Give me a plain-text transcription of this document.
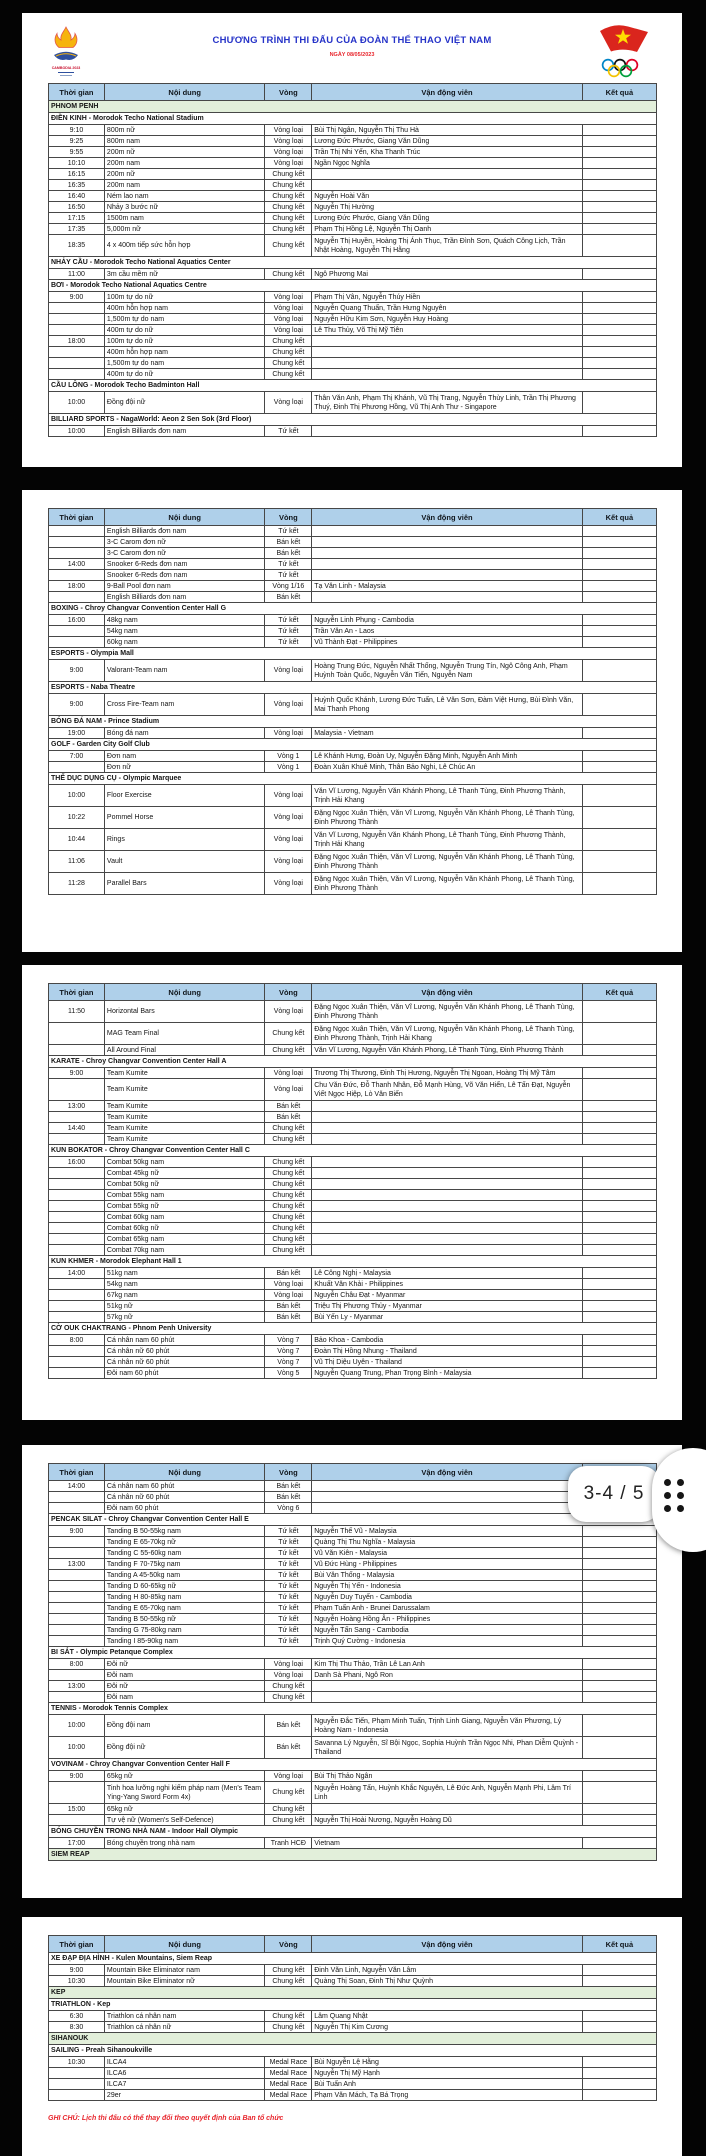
CAMBODIA 2023
CHƯƠNG TRÌNH THI ĐẤU CỦA ĐOÀN THỂ THAO VIỆT NAM
NGÀY 08/05/2023
Thời gian	Nội dung	Vòng	Vận động viên	Kết quả
PHNOM PENH				
ĐIỀN KINH - Morodok Techo National Stadium				
9:10	800m nữ	Vòng loại	Bùi Thị Ngân, Nguyễn Thị Thu Hà	
9:25	800m nam	Vòng loại	Lương Đức Phước, Giang Văn Dũng	
9:55	200m nữ	Vòng loại	Trần Thị Nhi Yến, Kha Thanh Trúc	
10:10	200m nam	Vòng loại	Ngần Ngọc Nghĩa	
16:15	200m nữ	Chung kết		
16:35	200m nam	Chung kết		
16:40	Ném lao nam	Chung kết	Nguyễn Hoài Văn	
16:50	Nhảy 3 bước nữ	Chung kết	Nguyễn Thị Hường	
17:15	1500m nam	Chung kết	Lương Đức Phước, Giang Văn Dũng	
17:35	5,000m nữ	Chung kết	Phạm Thị Hồng Lệ, Nguyễn Thị Oanh	
18:35	4 x 400m tiếp sức hỗn hợp	Chung kết	Nguyễn Thị Huyền, Hoàng Thị Ánh Thục, Trần Đình Sơn, Quách Công Lịch, Trần Nhật Hoàng, Nguyễn Thị Hằng	
NHẢY CẦU - Morodok Techo National Aquatics Center				
11:00	3m cầu mềm nữ	Chung kết	Ngô Phương Mai	
BƠI - Morodok Techo National Aquatics Centre				
9:00	100m tự do nữ	Vòng loại	Phạm Thị Vân, Nguyễn Thúy Hiền	
	400m hỗn hợp nam	Vòng loại	Nguyễn Quang Thuấn, Trần Hưng Nguyên	
	1,500m tự do nam	Vòng loại	Nguyễn Hữu Kim Sơn, Nguyễn Huy Hoàng	
	400m tự do nữ	Vòng loại	Lê Thu Thủy, Võ Thị Mỹ Tiên	
18:00	100m tự do nữ	Chung kết		
	400m hỗn hợp nam	Chung kết		
	1,500m tự do nam	Chung kết		
	400m tự do nữ	Chung kết		
CẦU LÔNG - Morodok Techo Badminton Hall				
10:00	Đồng đội nữ	Vòng loại	Thân Văn Anh, Phạm Thị Khánh, Vũ Thị Trang, Nguyễn Thùy Linh, Trần Thị Phương Thuý, Đinh Thị Phương Hồng, Vũ Thị Anh Thư - Singapore	
BILLIARD SPORTS - NagaWorld: Aeon 2 Sen Sok (3rd Floor)				
10:00	English Billiards đơn nam	Tứ kết		
Thời gian	Nội dung	Vòng	Vận động viên	Kết quả
	English Billiards đơn nam	Tứ kết		
	3-C Carom đơn nữ	Bán kết		
	3-C Carom đơn nữ	Bán kết		
14:00	Snooker 6-Reds đơn nam	Tứ kết		
	Snooker 6-Reds đơn nam	Tứ kết		
18:00	9-Ball Pool đơn nam	Vòng 1/16	Tạ Văn Linh - Malaysia	
	English Billiards đơn nam	Bán kết		
BOXING - Chroy Changvar Convention Center Hall G				
16:00	48kg nam	Tứ kết	Nguyễn Linh Phụng - Cambodia	
	54kg nam	Tứ kết	Trần Văn An - Laos	
	60kg nam	Tứ kết	Vũ Thành Đạt - Philippines	
ESPORTS - Olympia Mall				
9:00	Valorant-Team nam	Vòng loại	Hoàng Trung Đức, Nguyễn Nhất Thống, Nguyễn Trung Tín, Ngô Công Anh, Phạm Huỳnh Toàn Quốc, Nguyễn Văn Tiến, Nguyễn Nam	
ESPORTS - Naba Theatre				
9:00	Cross Fire-Team nam	Vòng loại	Huỳnh Quốc Khánh, Lương Đức Tuấn, Lê Văn Sơn, Đàm Việt Hưng, Bùi Đình Văn, Mai Thanh Phong	
BÓNG ĐÁ NAM - Prince Stadium				
19:00	Bóng đá nam	Vòng loại	Malaysia - Vietnam	
GOLF - Garden City Golf Club				
7:00	Đơn nam	Vòng 1	Lê Khánh Hưng, Đoàn Uy, Nguyễn Đặng Minh, Nguyễn Anh Minh	
	Đơn nữ	Vòng 1	Đoàn Xuân Khuê Minh, Thân Bảo Nghi, Lê Chúc An	
THỂ DỤC DỤNG CỤ - Olympic Marquee				
10:00	Floor Exercise	Vòng loại	Văn Vĩ Lương, Nguyễn Văn Khánh Phong, Lê Thanh Tùng, Đinh Phương Thành, Trịnh Hải Khang	
10:22	Pommel Horse	Vòng loại	Đặng Ngọc Xuân Thiện, Văn Vĩ Lương, Nguyễn Văn Khánh Phong, Lê Thanh Tùng, Đinh Phương Thành	
10:44	Rings	Vòng loại	Văn Vĩ Lương, Nguyễn Văn Khánh Phong, Lê Thanh Tùng, Đinh Phương Thành, Trịnh Hải Khang	
11:06	Vault	Vòng loại	Đặng Ngọc Xuân Thiện, Văn Vĩ Lương, Nguyễn Văn Khánh Phong, Lê Thanh Tùng, Đinh Phương Thành	
11:28	Parallel Bars	Vòng loại	Đặng Ngọc Xuân Thiện, Văn Vĩ Lương, Nguyễn Văn Khánh Phong, Lê Thanh Tùng, Đinh Phương Thành	
Thời gian	Nội dung	Vòng	Vận động viên	Kết quả
11:50	Horizontal Bars	Vòng loại	Đặng Ngọc Xuân Thiện, Văn Vĩ Lương, Nguyễn Văn Khánh Phong, Lê Thanh Tùng, Đinh Phương Thành	
	MAG Team Final	Chung kết	Đặng Ngọc Xuân Thiện, Văn Vĩ Lương, Nguyễn Văn Khánh Phong, Lê Thanh Tùng, Đinh Phương Thành, Trịnh Hải Khang	
	All Around Final	Chung kết	Văn Vĩ Lương, Nguyễn Văn Khánh Phong, Lê Thanh Tùng, Đinh Phương Thành	
KARATE - Chroy Changvar Convention Center Hall A				
9:00	Team Kumite	Vòng loại	Trương Thị Thương, Đinh Thị Hương, Nguyễn Thị Ngoan, Hoàng Thị Mỹ Tâm	
	Team Kumite	Vòng loại	Chu Văn Đức, Đỗ Thanh Nhân, Đỗ Mạnh Hùng, Võ Văn Hiển, Lê Tấn Đạt, Nguyễn Viết Ngọc Hiệp, Lò Văn Biến	
13:00	Team Kumite	Bán kết		
	Team Kumite	Bán kết		
14:40	Team Kumite	Chung kết		
	Team Kumite	Chung kết		
KUN BOKATOR - Chroy Changvar Convention Center Hall C				
16:00	Combat 50kg nam	Chung kết		
	Combat 45kg nữ	Chung kết		
	Combat 50kg nữ	Chung kết		
	Combat 55kg nam	Chung kết		
	Combat 55kg nữ	Chung kết		
	Combat 60kg nam	Chung kết		
	Combat 60kg nữ	Chung kết		
	Combat 65kg nam	Chung kết		
	Combat 70kg nam	Chung kết		
KUN KHMER - Morodok Elephant Hall 1				
14:00	51kg nam	Bán kết	Lê Công Nghị - Malaysia	
	54kg nam	Vòng loại	Khuất Văn Khải - Philippines	
	67kg nam	Vòng loại	Nguyễn Châu Đạt - Myanmar	
	51kg nữ	Bán kết	Triệu Thị Phương Thủy - Myanmar	
	57kg nữ	Bán kết	Bùi Yến Ly - Myanmar	
CỜ OUK CHAKTRANG - Phnom Penh University				
8:00	Cá nhân nam 60 phút	Vòng 7	Bảo Khoa - Cambodia	
	Cá nhân nữ 60 phút	Vòng 7	Đoàn Thị Hồng Nhung - Thailand	
	Cá nhân nữ 60 phút	Vòng 7	Vũ Thị Diệu Uyên - Thailand	
	Đôi nam 60 phút	Vòng 5	Nguyễn Quang Trung, Phan Trọng Bình - Malaysia	
Thời gian	Nội dung	Vòng	Vận động viên	
14:00	Cá nhân nam 60 phút	Bán kết		
	Cá nhân nữ 60 phút	Bán kết		
	Đôi nam 60 phút	Vòng 6		
PENCAK SILAT - Chroy Changvar Convention Center Hall E				
9:00	Tanding B 50-55kg nam	Tứ kết	Nguyễn Thế Vũ - Malaysia	
	Tanding E 65-70kg nữ	Tứ kết	Quàng Thị Thu Nghĩa - Malaysia	
	Tanding C 55-60kg nam	Tứ kết	Vũ Văn Kiên - Malaysia	
13:00	Tanding F 70-75kg nam	Tứ kết	Vũ Đức Hùng - Philippines	
	Tanding A 45-50kg nam	Tứ kết	Bùi Văn Thống - Malaysia	
	Tanding D 60-65kg nữ	Tứ kết	Nguyễn Thị Yến - Indonesia	
	Tanding H 80-85kg nam	Tứ kết	Nguyễn Duy Tuyến - Cambodia	
	Tanding E 65-70kg nam	Tứ kết	Phạm Tuấn Anh - Brunei Darussalam	
	Tanding B 50-55kg nữ	Tứ kết	Nguyễn Hoàng Hồng Ân - Philippines	
	Tanding G 75-80kg nam	Tứ kết	Nguyễn Tấn Sang - Cambodia	
	Tanding I 85-90kg nam	Tứ kết	Trịnh Quý Cường - Indonesia	
BI SẮT - Olympic Petanque Complex				
8:00	Đôi nữ	Vòng loại	Kim Thị Thu Thảo, Trần Lê Lan Anh	
	Đôi nam	Vòng loại	Danh Sà Phani, Ngô Ron	
13:00	Đôi nữ	Chung kết		
	Đôi nam	Chung kết		
TENNIS - Morodok Tennis Complex				
10:00	Đồng đội nam	Bán kết	Nguyễn Đắc Tiến, Phạm Minh Tuấn, Trịnh Linh Giang, Nguyễn Văn Phương, Lý Hoàng Nam - Indonesia	
10:00	Đồng đội nữ	Bán kết	Savanna Lý Nguyễn, Sĩ Bội Ngọc, Sophia Huỳnh Trần Ngọc Nhi, Phan Diễm Quỳnh - Thailand	
VOVINAM - Chroy Changvar Convention Center Hall F				
9:00	65kg nữ	Vòng loại	Bùi Thị Thảo Ngân	
	Tinh hoa lưỡng nghi kiếm pháp nam (Men's Team Ying-Yang Sword Form 4x)	Chung kết	Nguyễn Hoàng Tấn, Huỳnh Khắc Nguyên, Lê Đức Anh, Nguyễn Mạnh Phi, Lâm Trí Linh	
15:00	65kg nữ	Chung kết		
	Tự vệ nữ (Women's Self-Defence)	Chung kết	Nguyễn Thị Hoài Nương, Nguyễn Hoàng Dũ	
BÓNG CHUYỀN TRONG NHÀ NAM - Indoor Hall Olympic				
17:00	Bóng chuyền trong nhà nam	Tranh HCĐ	Vietnam	
SIEM REAP				
Thời gian	Nội dung	Vòng	Vận động viên	Kết quả
XE ĐẠP ĐỊA HÌNH - Kulen Mountains, Siem Reap				
9:00	Mountain Bike Eliminator nam	Chung kết	Đinh Văn Linh, Nguyễn Văn Lâm	
10:30	Mountain Bike Eliminator nữ	Chung kết	Quàng Thị Soan, Đinh Thị Như Quỳnh	
KEP				
TRIATHLON - Kep				
6:30	Triathlon cá nhân nam	Chung kết	Lâm Quang Nhật	
8:30	Triathlon cá nhân nữ	Chung kết	Nguyễn Thị Kim Cương	
SIHANOUK				
SAILING - Preah Sihanoukville				
10:30	ILCA4	Medal Race	Bùi Nguyễn Lệ Hằng	
	ILCA6	Medal Race	Nguyễn Thị Mỹ Hạnh	
	ILCA7	Medal Race	Bùi Tuấn Anh	
	29er	Medal Race	Phạm Văn Mách, Tạ Bá Trọng	
GHI CHÚ: Lịch thi đấu có thể thay đổi theo quyết định của Ban tổ chức
3-4 / 5
